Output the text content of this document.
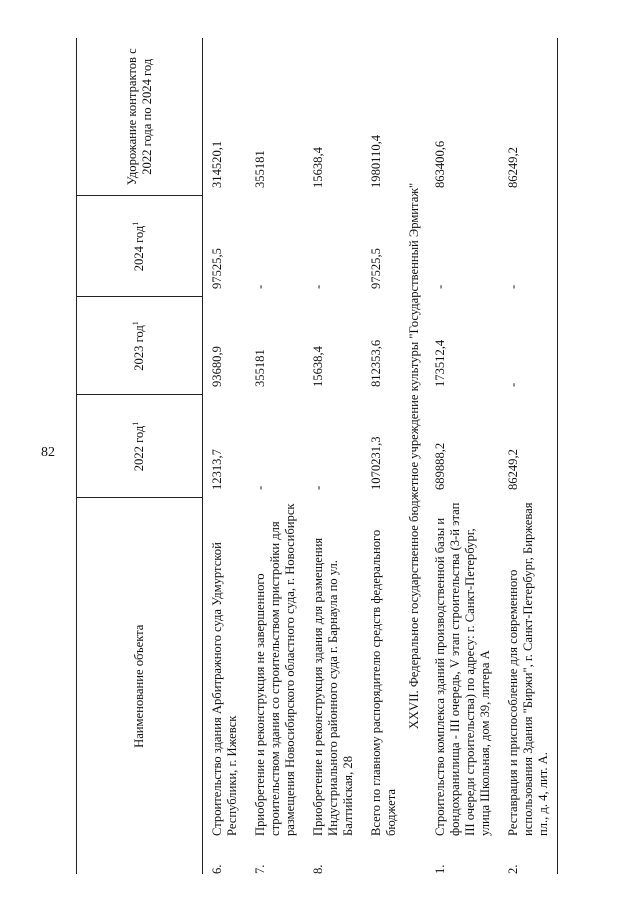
82
Наименование объекта		2022 год$^1$	2023 год$^1$	2024 год$^1$	Удорожание контрактов с 2022 года по 2024 год
6.	Строительство здания Арбитражного суда Удмуртской Республики, г. Ижевск	12313,7	93680,9	97525,5	314520,1
7.	Приобретение и реконструкция не завершенного строительством здания со строительством пристройки для размещения Новосибирского областного суда, г. Новосибирск	-	355181	-	355181
8.	Приобретение и реконструкция здания для размещения Индустриального районного суда г. Барнаула по ул. Балтийская, 28	-	15638,4	-	15638,4
	Всего по главному распорядителю средств федерального бюджета	1070231,3	812353,6	97525,5	1980110,4
XXVII. Федеральное государственное бюджетное учреждение культуры "Государственный Эрмитаж"					
1.	Строительство комплекса зданий производственной базы и фондохранилища - III очередь, V этап строительства (3-й этап III очереди строительства) по адресу: г. Санкт-Петербург, улица Школьная, дом 39, литера А	689888,2	173512,4	-	863400,6
2.	Реставрация и приспособление для современного использования Здания "Биржи", г. Санкт-Петербург, Биржевая пл., д. 4, лит. А.	86249,2	-	-	86249,2
